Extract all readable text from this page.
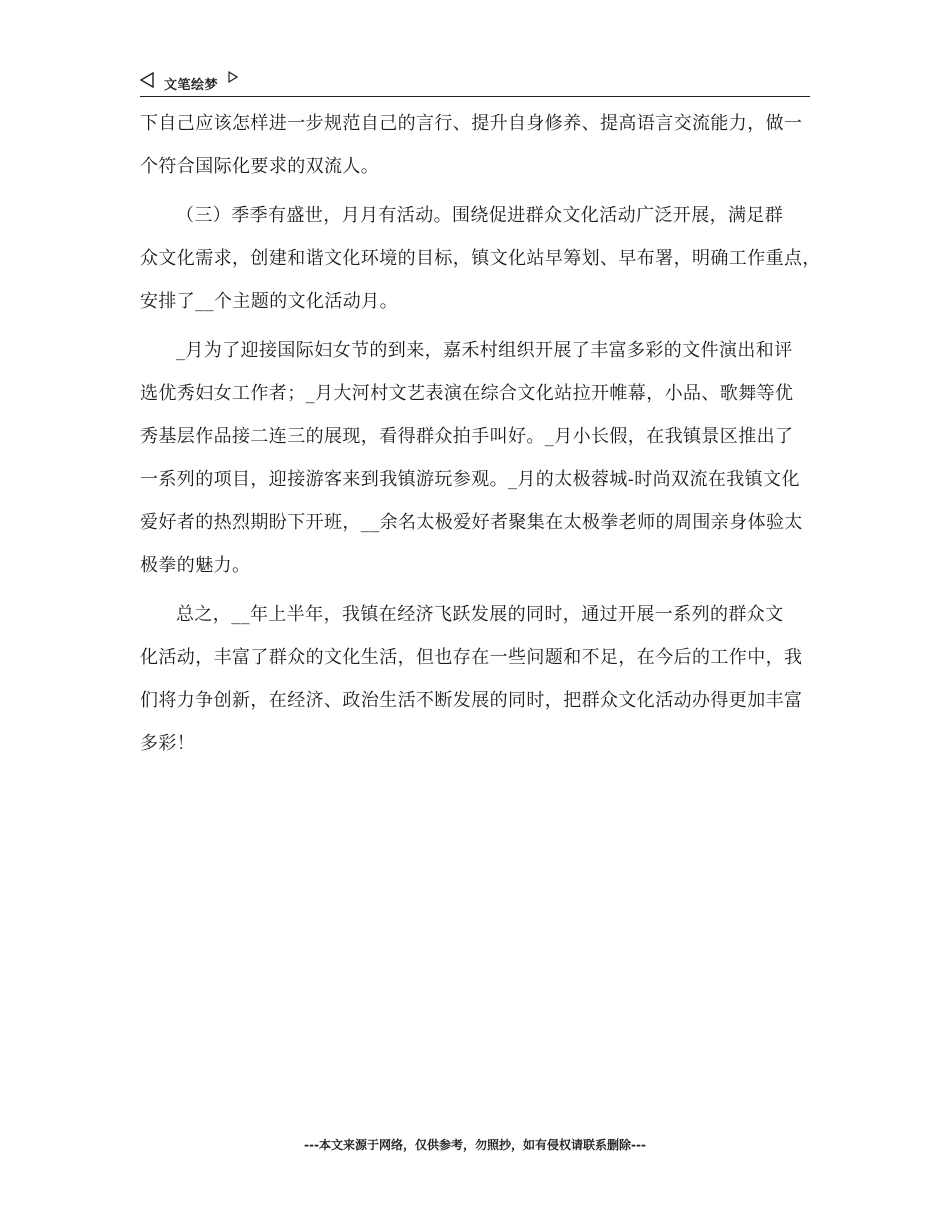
文笔绘梦
下自己应该怎样进一步规范自己的言行、提升自身修养、提高语言交流能力，做一
个符合国际化要求的双流人。
（三）季季有盛世，月月有活动。围绕促进群众文化活动广泛开展，满足群
众文化需求，创建和谐文化环境的目标，镇文化站早筹划、早布署，明确工作重点，
安排了__个主题的文化活动月。
_月为了迎接国际妇女节的到来，嘉禾村组织开展了丰富多彩的文件演出和评
选优秀妇女工作者；_月大河村文艺表演在综合文化站拉开帷幕，小品、歌舞等优
秀基层作品接二连三的展现，看得群众拍手叫好。_月小长假，在我镇景区推出了
一系列的项目，迎接游客来到我镇游玩参观。_月的太极蓉城-时尚双流在我镇文化
爱好者的热烈期盼下开班，__余名太极爱好者聚集在太极拳老师的周围亲身体验太
极拳的魅力。
总之，__年上半年，我镇在经济飞跃发展的同时，通过开展一系列的群众文
化活动，丰富了群众的文化生活，但也存在一些问题和不足，在今后的工作中，我
们将力争创新，在经济、政治生活不断发展的同时，把群众文化活动办得更加丰富
多彩！
---本文来源于网络，仅供参考，勿照抄，如有侵权请联系删除---
